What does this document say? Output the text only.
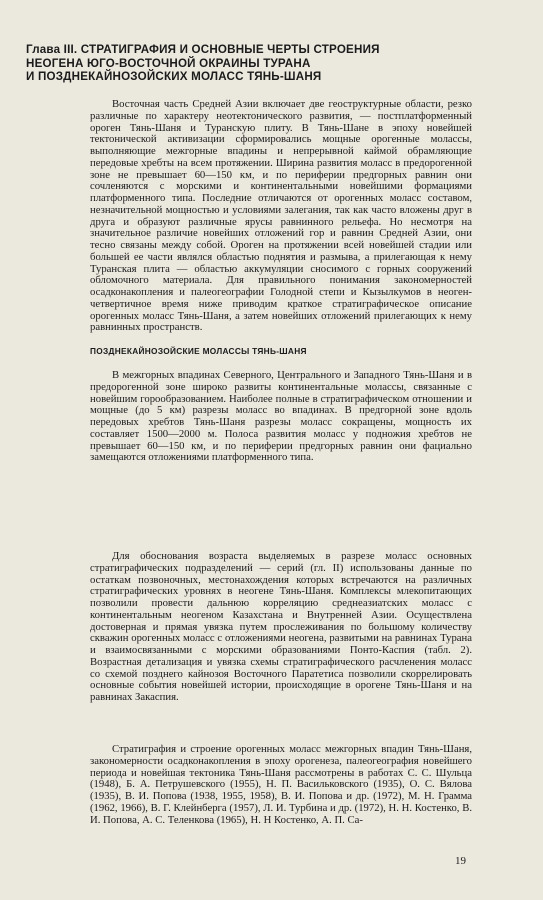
Глава III. СТРАТИГРАФИЯ И ОСНОВНЫЕ ЧЕРТЫ СТРОЕНИЯ
НЕОГЕНА ЮГО-ВОСТОЧНОЙ ОКРАИНЫ ТУРАНА
И ПОЗДНЕКАЙНОЗОЙСКИХ МОЛАСС ТЯНЬ-ШАНЯ

Восточная часть Средней Азии включает две геоструктурные области, резко различные по характеру неотектонического развития, — постплатформенный ороген Тянь-Шаня и Туранскую плиту. В Тянь-Шане в эпоху новейшей тектонической активизации сформировались мощные орогенные молассы, выполняющие межгорные впадины и непрерывной каймой обрамляющие передовые хребты на всем протяжении. Ширина развития молacc в предорогенной зоне не превышает 60—150 км, и по периферии предгорных равнин они сочленяются с морскими и континентальными новейшими формациями платформенного типа. Последние отличаются от орогенных молacc составом, незначительной мощностью и условиями залегания, так как часто вложены друг в друга и образуют различные ярусы равнинного рельефа. Но несмотря на значительное различие новейших отложений гор и равнин Средней Азии, они тесно связаны между собой. Ороген на протяжении всей новейшей стадии или большей ее части являлся областью поднятия и размыва, а прилегающая к нему Туранская плита — областью аккумуляции сносимого с горных сооружений обломочного материала. Для правильного понимания закономерностей осадконакопления и палеогеографии Голодной степи и Кызылкумов в неоген-четвертичное время ниже приводим краткое стратиграфическое описание орогенных молacc Тянь-Шаня, а затем новейших отложений прилегающих к нему равнинных пространств.

ПОЗДНЕКАЙНОЗОЙСКИЕ МОЛАССЫ ТЯНЬ-ШАНЯ

В межгорных впадинах Северного, Центрального и Западного Тянь-Шаня и в предорогенной зоне широко развиты континентальные молассы, связанные с новейшим горообразованием. Наиболее полные в стратиграфическом отношении и мощные (до 5 км) разрезы молacc во впадинах. В предгорной зоне вдоль передовых хребтов Тянь-Шаня разрезы молacc сокращены, мощность их составляет 1500—2000 м. Полоса развития молacc у подножия хребтов не превышает 60—150 км, и по периферии предгорных равнин они фациально замещаются отложениями платформенного типа.

Для обоснования возраста выделяемых в разрезе молacc основных стратиграфических подразделений — серий (гл. II) использованы данные по остаткам позвоночных, местонахождения которых встречаются на различных стратиграфических уровнях в неогене Тянь-Шаня. Комплексы млекопитающих позволили провести дальнюю корреляцию среднеазиатских молacc с континентальным неогеном Казахстана и Внутренней Азии. Осуществлена достоверная и прямая увязка путем прослеживания по большому количеству скважин орогенных молacc с отложениями неогена, развитыми на равнинах Турана и взаимосвязанными с морскими образованиями Понто-Каспия (табл. 2). Возрастная детализация и увязка схемы стратиграфического расчленения молacc со схемой позднего кайнозоя Восточного Паратетиса позволили скоррелировать основные события новейшей истории, происходящие в орогене Тянь-Шаня и на равнинах Закаспия.

Стратиграфия и строение орогенных молacc межгорных впадин Тянь-Шаня, закономерности осадконакопления в эпоху орогенеза, палеогеография новейшего периода и новейшая тектоника Тянь-Шаня рассмотрены в работах С. С. Шульца (1948), Б. А. Петрушевского (1955), Н. П. Васильковского (1935), О. С. Вялова (1935), В. И. Попова (1938, 1955, 1958), В. И. Попова и др. (1972), М. Н. Грамма (1962, 1966), В. Г. Клейнберга (1957), Л. И. Турбина и др. (1972), Н. Н. Костенко, В. И. Попова, А. С. Теленкова (1965), Н. Н Костенко, А. П. Са-

19
